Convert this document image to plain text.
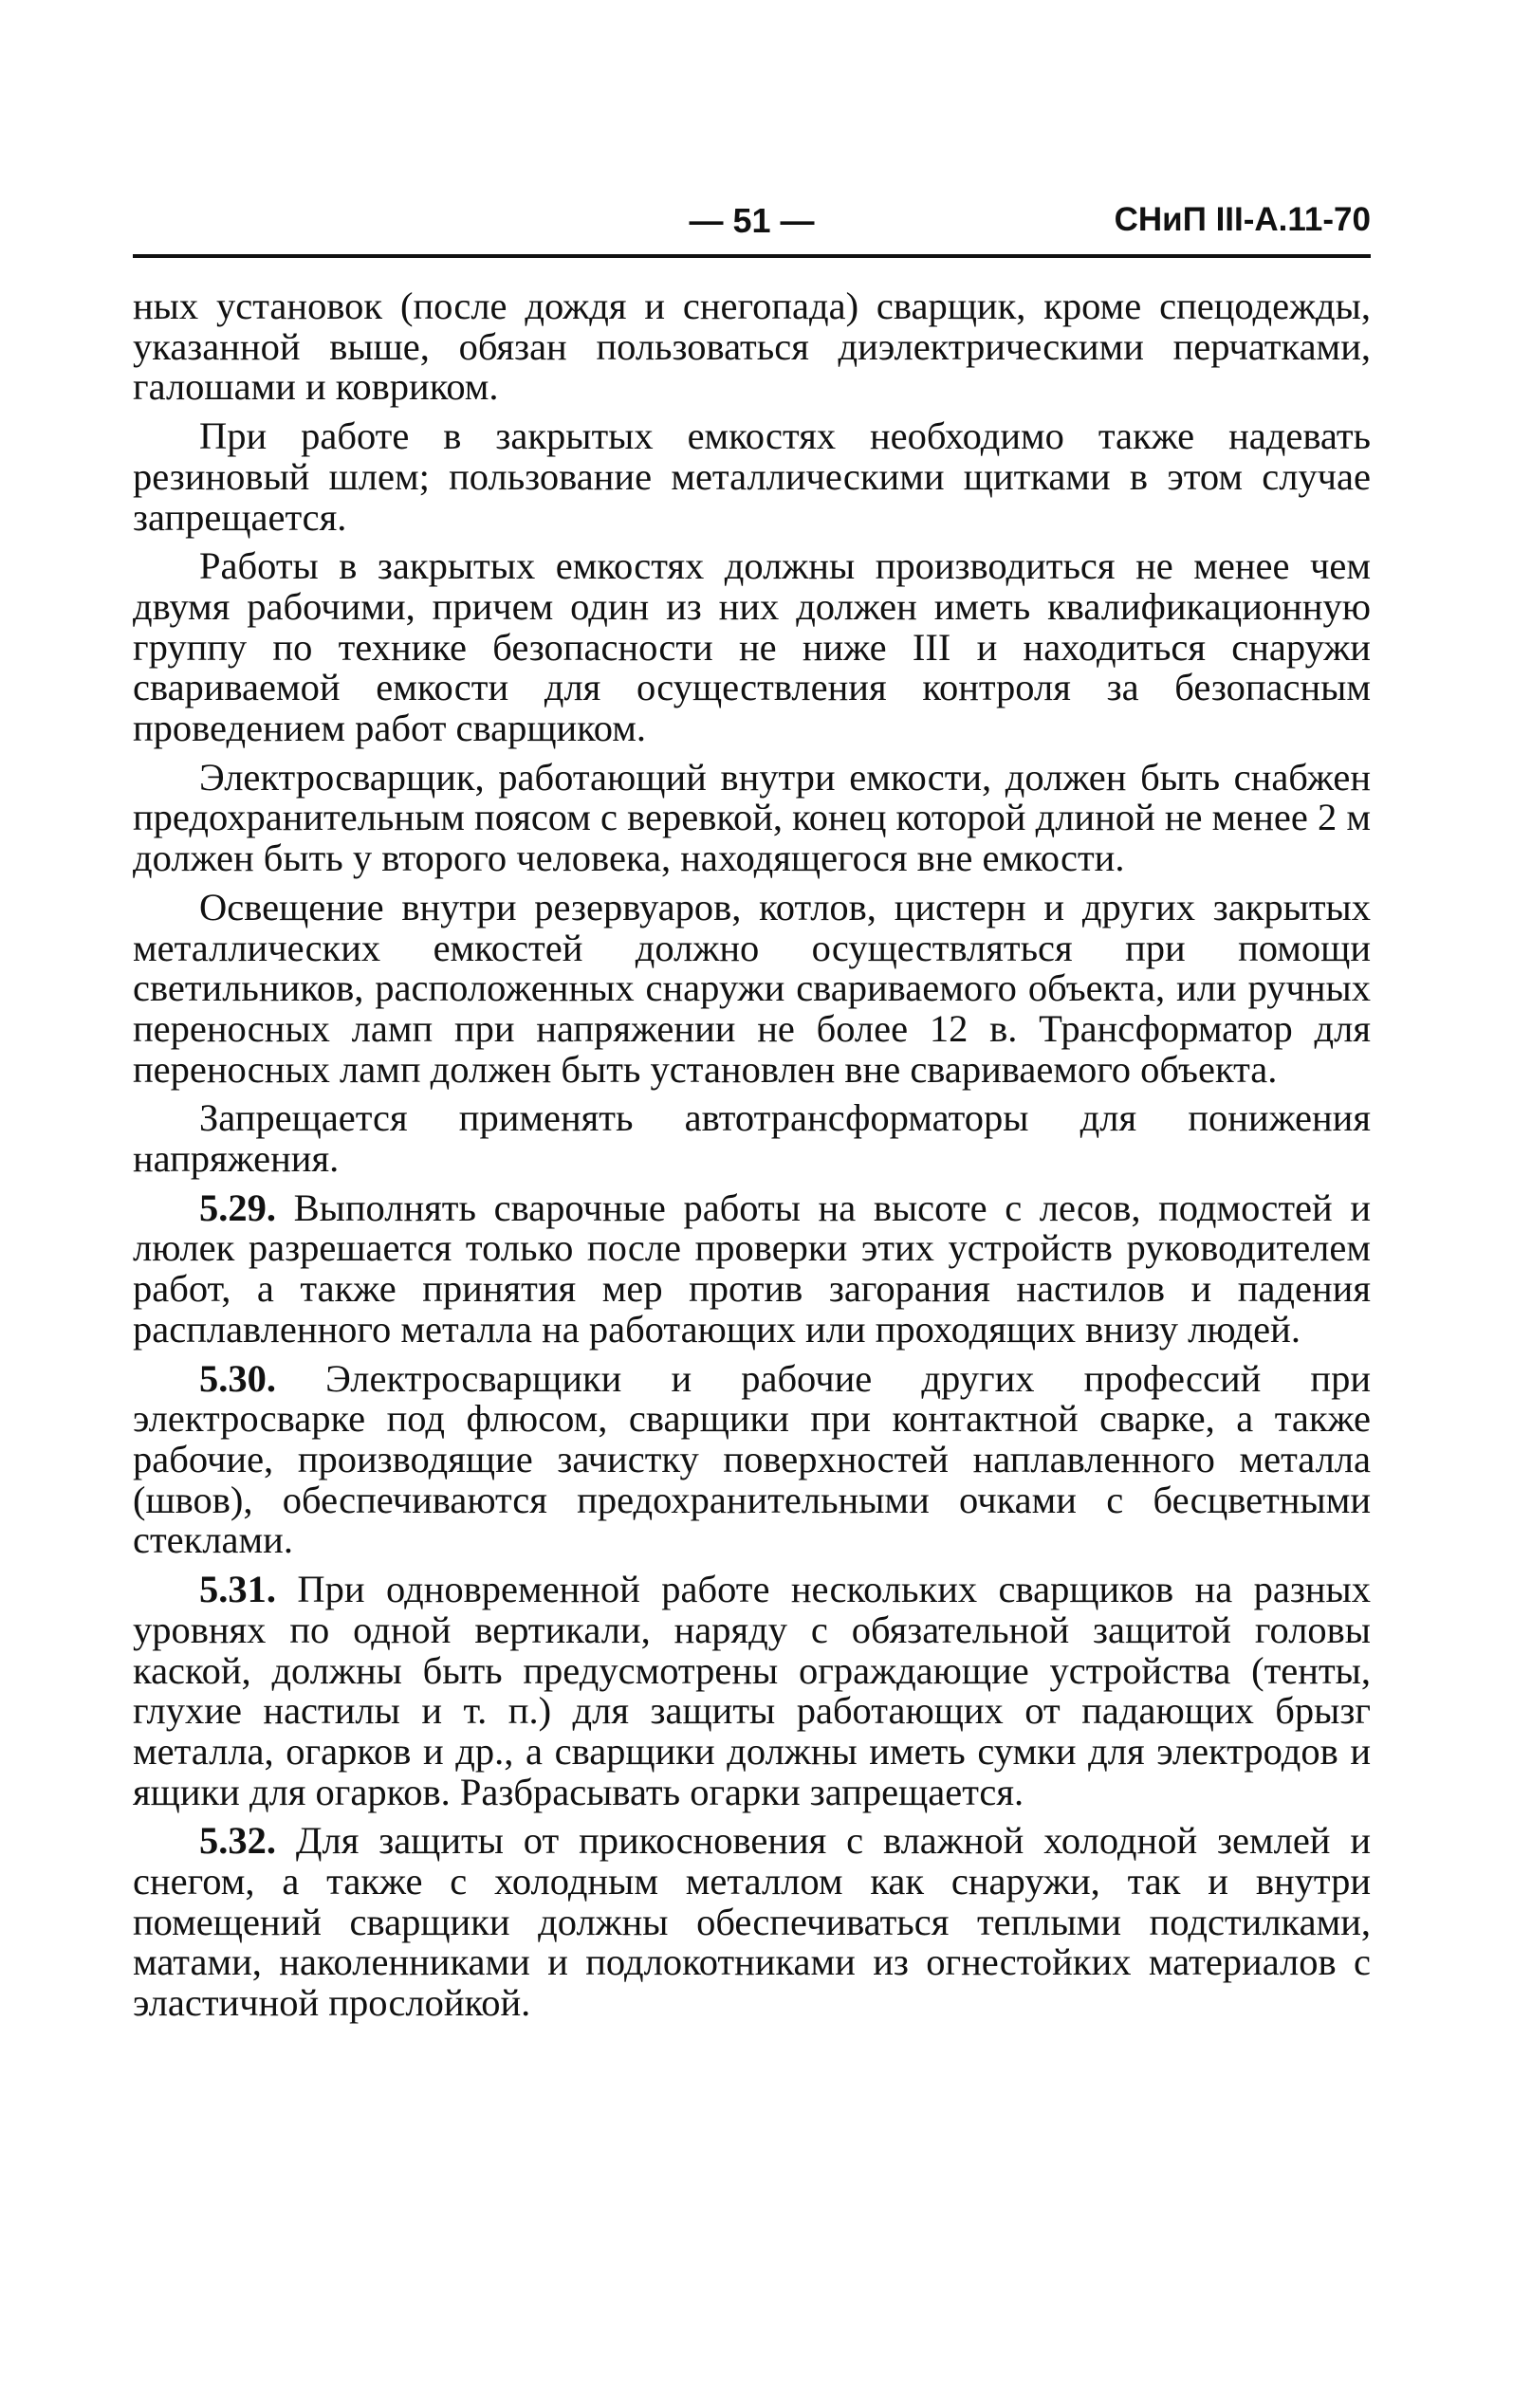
— 51 —	СНиП III-А.11-70

ных установок (после дождя и снегопада) сварщик, кроме спецодежды, указанной выше, обязан пользоваться диэлектрическими перчатками, галошами и ковриком.

При работе в закрытых емкостях необходимо также надевать резиновый шлем; пользование металлическими щитками в этом случае запрещается.

Работы в закрытых емкостях должны производиться не менее чем двумя рабочими, причем один из них должен иметь квалификационную группу по технике безопасности не ниже III и находиться снаружи свариваемой емкости для осуществления контроля за безопасным проведением работ сварщиком.

Электросварщик, работающий внутри емкости, должен быть снабжен предохранительным поясом с веревкой, конец которой длиной не менее 2 м должен быть у второго человека, находящегося вне емкости.

Освещение внутри резервуаров, котлов, цистерн и других закрытых металлических емкостей должно осуществляться при помощи светильников, расположенных снаружи свариваемого объекта, или ручных переносных ламп при напряжении не более 12 в. Трансформатор для переносных ламп должен быть установлен вне свариваемого объекта.

Запрещается применять автотрансформаторы для понижения напряжения.

5.29. Выполнять сварочные работы на высоте с лесов, подмостей и люлек разрешается только после проверки этих устройств руководителем работ, а также принятия мер против загорания настилов и падения расплавленного металла на работающих или проходящих внизу людей.

5.30. Электросварщики и рабочие других профессий при электросварке под флюсом, сварщики при контактной сварке, а также рабочие, производящие зачистку поверхностей наплавленного металла (швов), обеспечиваются предохранительными очками с бесцветными стеклами.

5.31. При одновременной работе нескольких сварщиков на разных уровнях по одной вертикали, наряду с обязательной защитой головы каской, должны быть предусмотрены ограждающие устройства (тенты, глухие настилы и т. п.) для защиты работающих от падающих брызг металла, огарков и др., а сварщики должны иметь сумки для электродов и ящики для огарков. Разбрасывать огарки запрещается.

5.32. Для защиты от прикосновения с влажной холодной землей и снегом, а также с холодным металлом как снаружи, так и внутри помещений сварщики должны обеспечиваться теплыми подстилками, матами, наколенниками и подлокотниками из огнестойких материалов с эластичной прослойкой.
